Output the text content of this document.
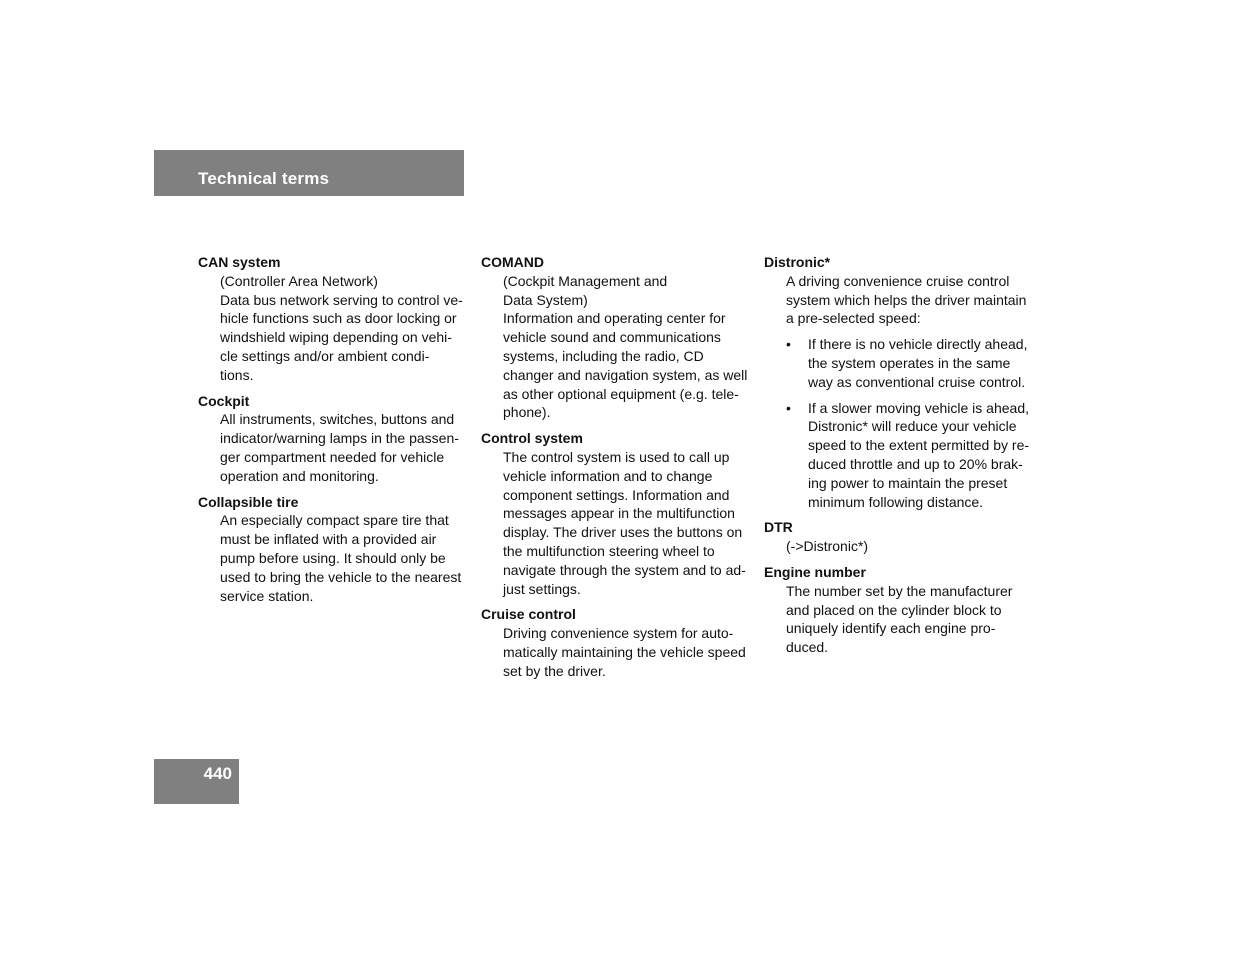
Technical terms
CAN system
(Controller Area Network)
Data bus network serving to control ve-
hicle functions such as door locking or
windshield wiping depending on vehi-
cle settings and/or ambient condi-
tions.
Cockpit
All instruments, switches, buttons and
indicator/warning lamps in the passen-
ger compartment needed for vehicle
operation and monitoring.
Collapsible tire
An especially compact spare tire that
must be inflated with a provided air
pump before using. It should only be
used to bring the vehicle to the nearest
service station.
COMAND
(Cockpit Management and
Data System)
Information and operating center for
vehicle sound and communications
systems, including the radio, CD
changer and navigation system, as well
as other optional equipment (e.g. tele-
phone).
Control system
The control system is used to call up
vehicle information and to change
component settings. Information and
messages appear in the multifunction
display. The driver uses the buttons on
the multifunction steering wheel to
navigate through the system and to ad-
just settings.
Cruise control
Driving convenience system for auto-
matically maintaining the vehicle speed
set by the driver.
Distronic*
A driving convenience cruise control
system which helps the driver maintain
a pre-selected speed:
• If there is no vehicle directly ahead,
the system operates in the same
way as conventional cruise control.
• If a slower moving vehicle is ahead,
Distronic* will reduce your vehicle
speed to the extent permitted by re-
duced throttle and up to 20% brak-
ing power to maintain the preset
minimum following distance.
DTR
(->Distronic*)
Engine number
The number set by the manufacturer
and placed on the cylinder block to
uniquely identify each engine pro-
duced.
440
